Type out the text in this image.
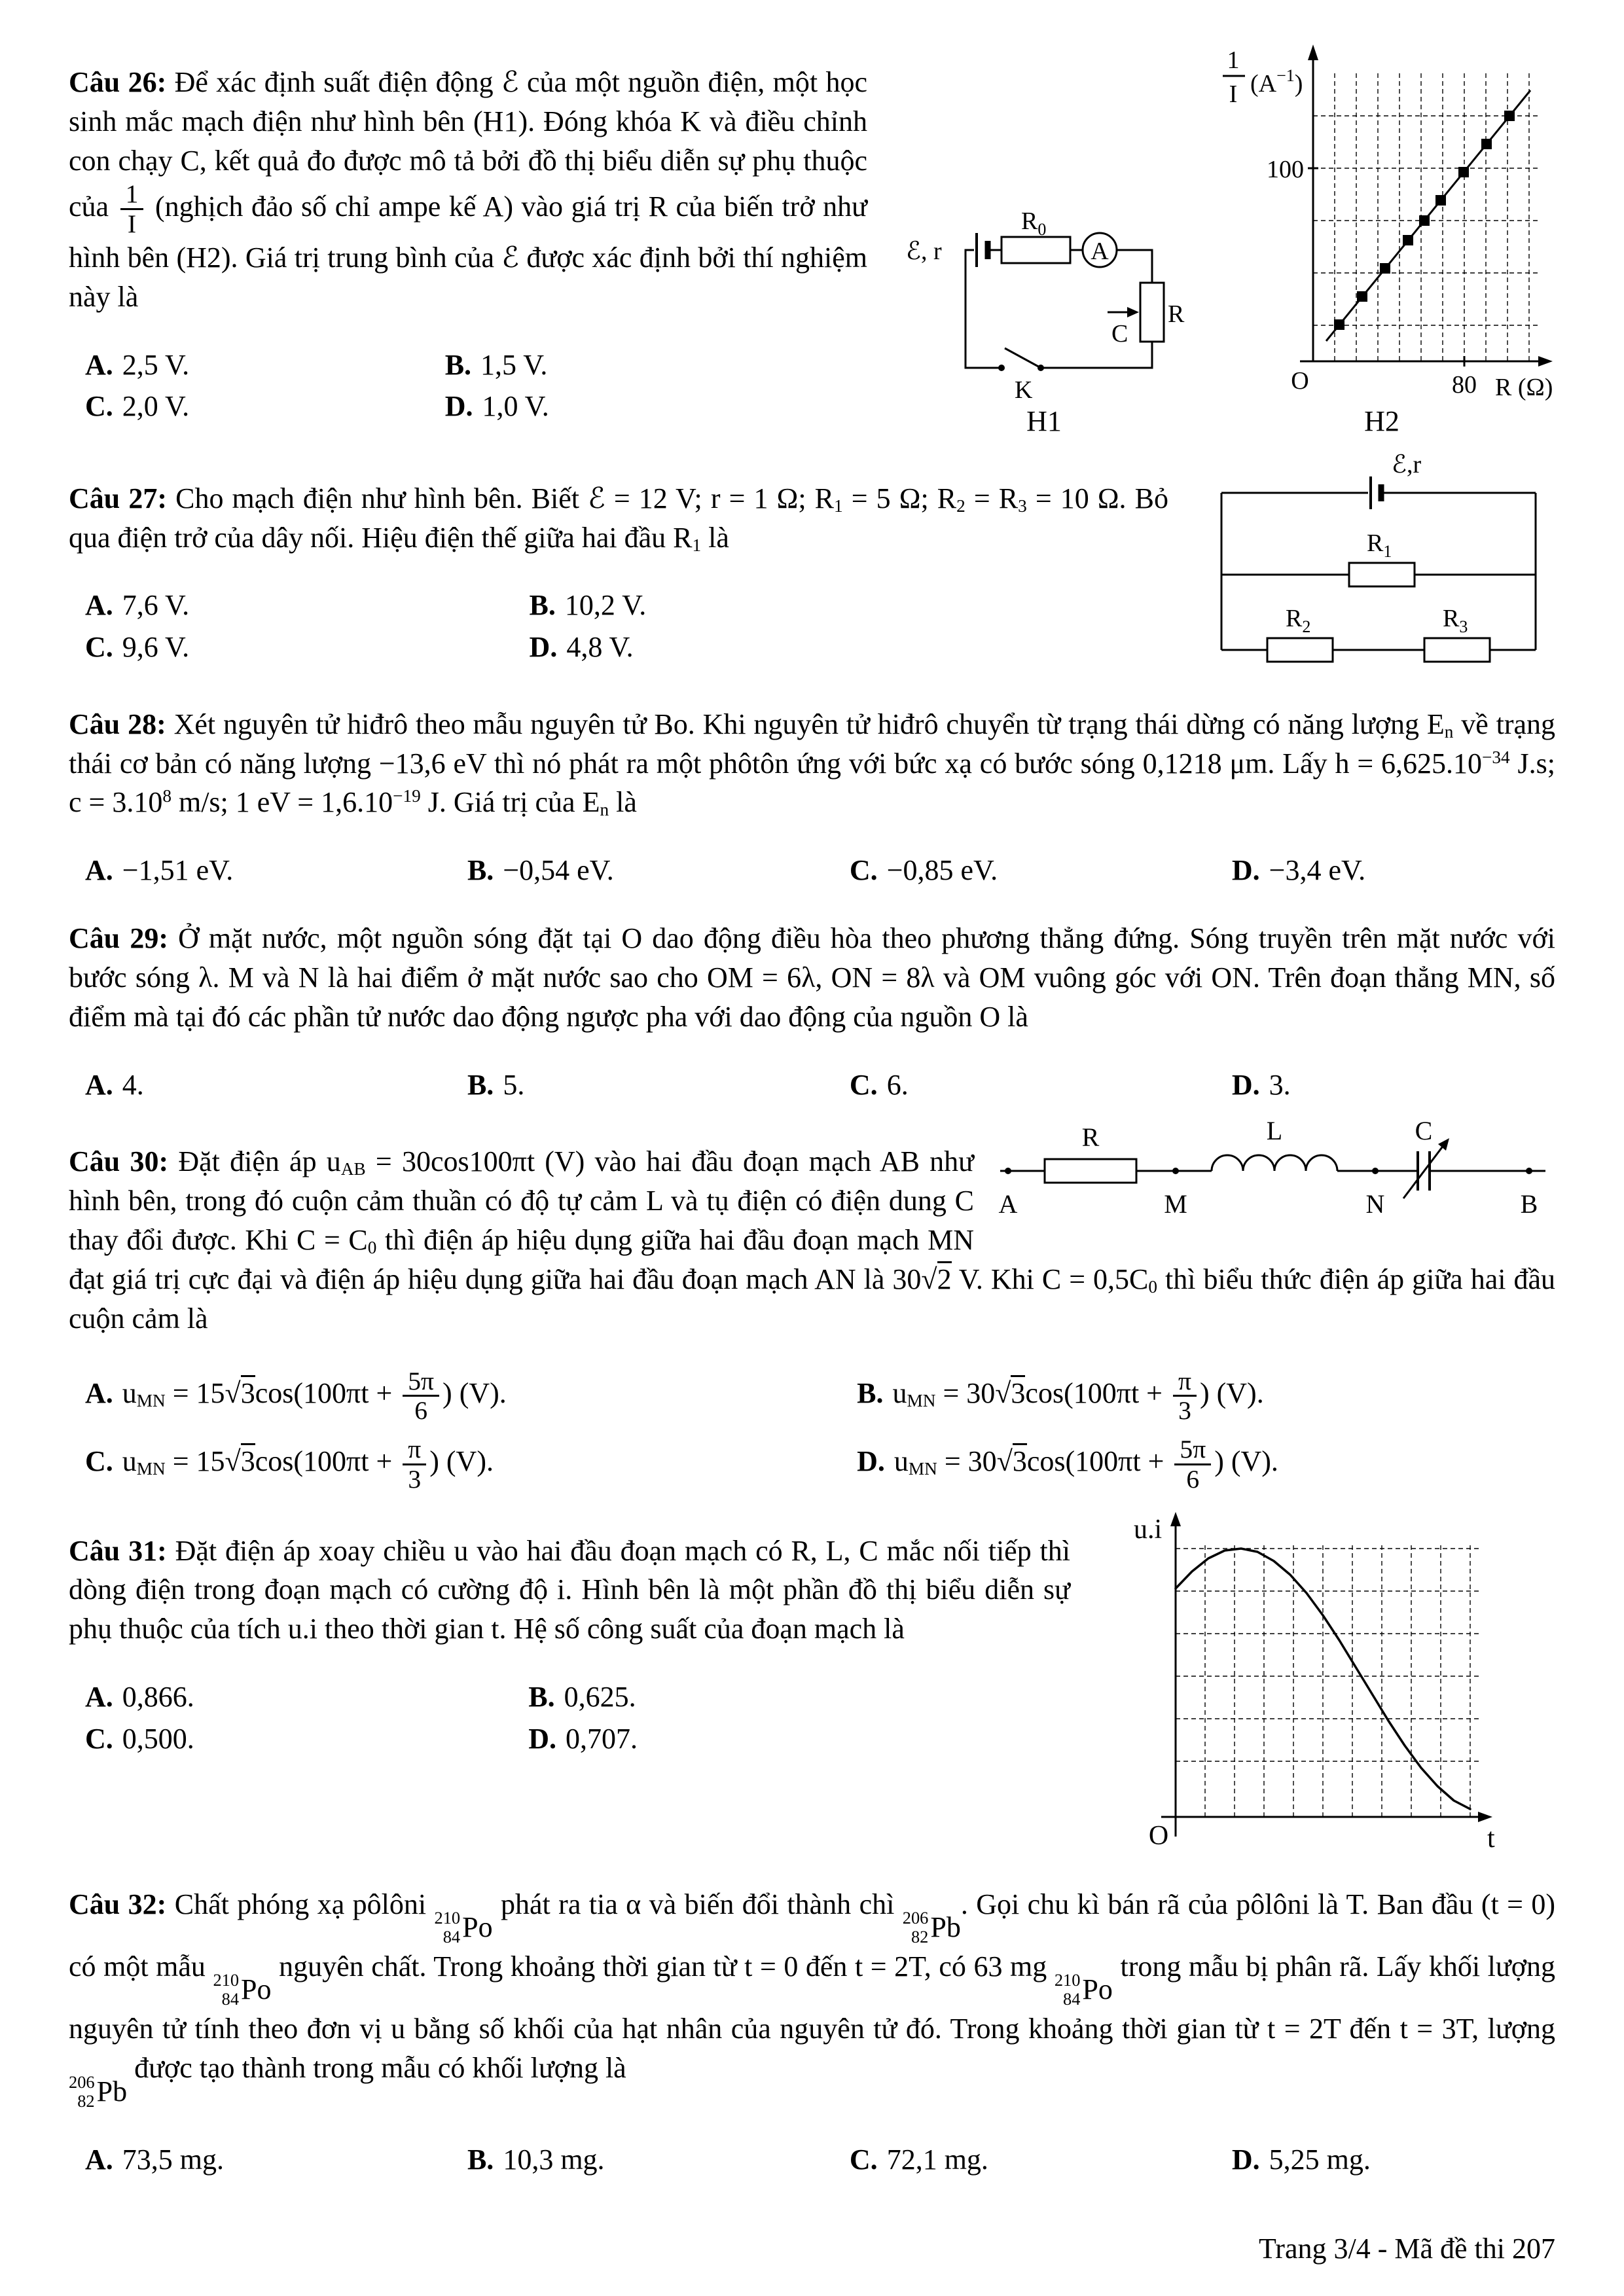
Câu 26: Để xác định suất điện động ℰ của một nguồn điện, một học sinh mắc mạch điện như hình bên (H1). Đóng khóa K và điều chỉnh con chạy C, kết quả đo được mô tả bởi đồ thị biểu diễn sự phụ thuộc của $\frac{1}{I}$ (nghịch đảo số chỉ ampe kế A) vào giá trị R của biến trở như hình bên (H2). Giá trị trung bình của ℰ được xác định bởi thí nghiệm này là

A. 2,5 V.	B. 1,5 V.
C. 2,0 V.	D. 1,0 V.
ℰ, r
$R_0$
A
C
R
K
H1
1
I $(A^{-1})$
100
80
O	R (Ω)
H2

Câu 27: Cho mạch điện như hình bên. Biết ℰ = 12 V; r = 1 Ω; $R_1 = 5$ Ω; $R_2 = R_3 = 10$ Ω. Bỏ qua điện trở của dây nối. Hiệu điện thế giữa hai đầu $R_1$ là

A. 7,6 V.	B. 10,2 V.
C. 9,6 V.	D. 4,8 V.
ℰ,r
$R_1$
$R_2$	$R_3$

Câu 28: Xét nguyên tử hiđrô theo mẫu nguyên tử Bo. Khi nguyên tử hiđrô chuyển từ trạng thái dừng có năng lượng $E_n$ về trạng thái cơ bản có năng lượng −13,6 eV thì nó phát ra một phôtôn ứng với bức xạ có bước sóng 0,1218 μm. Lấy $h = 6,625.10^{-34}$ J.s; $c = 3.10^8$ m/s; 1 eV = $1,6.10^{-19}$ J. Giá trị của $E_n$ là

A. −1,51 eV.	B. −0,54 eV.	C. −0,85 eV.	D. −3,4 eV.

Câu 29: Ở mặt nước, một nguồn sóng đặt tại O dao động điều hòa theo phương thẳng đứng. Sóng truyền trên mặt nước với bước sóng λ. M và N là hai điểm ở mặt nước sao cho OM = 6λ, ON = 8λ và OM vuông góc với ON. Trên đoạn thẳng MN, số điểm mà tại đó các phần tử nước dao động ngược pha với dao động của nguồn O là

A. 4.	B. 5.	C. 6.	D. 3.
R	L	C
A	M	N	B

Câu 30: Đặt điện áp $u_{AB} = 30\cos 100\pi t$ (V) vào hai đầu đoạn mạch AB như hình bên, trong đó cuộn cảm thuần có độ tự cảm L và tụ điện có điện dung C thay đổi được. Khi $C = C_0$ thì điện áp hiệu dụng giữa hai đầu đoạn mạch MN đạt giá trị cực đại và điện áp hiệu dụng giữa hai đầu đoạn mạch AN là 30√2 V. Khi $C = 0,5C_0$ thì biểu thức điện áp giữa hai đầu cuộn cảm là

A. $u_{MN} = 15√3\cos(100\pi t + \frac{5\pi}{6}$ ) (V).	B. $u_{MN} = 30√3\cos(100\pi t + \frac{\pi}{3}$ ) (V).
C. $u_{MN} = 15√3\cos(100\pi t + \frac{\pi}{3}$ ) (V).	D. $u_{MN} = 30√3\cos(100\pi t + \frac{5\pi}{6}$ ) (V).

Câu 31: Đặt điện áp xoay chiều u vào hai đầu đoạn mạch có R, L, C mắc nối tiếp thì dòng điện trong đoạn mạch có cường độ i. Hình bên là một phần đồ thị biểu diễn sự phụ thuộc của tích u.i theo thời gian t. Hệ số công suất của đoạn mạch là

A. 0,866.	B. 0,625.
C. 0,500.	D. 0,707.
u.i
O	t

Câu 32: Chất phóng xạ pôlôni 210
84 Po
phát ra tia α và biến đổi thành chì 206
82 Pb
. Gọi chu kì bán rã của pôlôni là T. Ban đầu (t = 0) có một mẫu 210
84 Po
nguyên chất. Trong khoảng thời gian từ t = 0 đến t = 2T, có 63 mg 210
84 Po
trong mẫu bị phân rã. Lấy khối lượng nguyên tử tính theo đơn vị u bằng số khối của hạt nhân của nguyên tử đó. Trong khoảng thời gian từ t = 2T đến t = 3T, lượng
206
82 Pb
được tạo thành trong mẫu có khối lượng là

A. 73,5 mg.	B. 10,3 mg.	C. 72,1 mg.	D. 5,25 mg.
Trang 3/4 - Mã đề thi 207
